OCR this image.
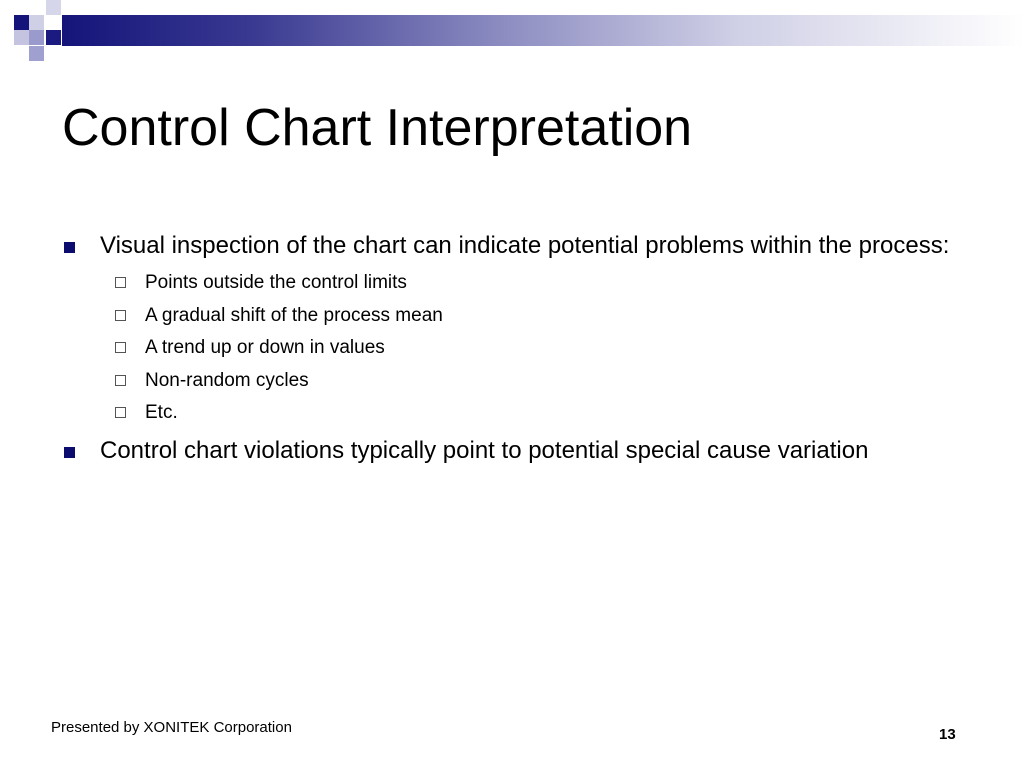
Control Chart Interpretation
Visual inspection of the chart can indicate potential problems within the process:
Points outside the control limits
A gradual shift of the process mean
A trend up or down in values
Non-random cycles
Etc.
Control chart violations typically point to potential special cause variation
Presented by XONITEK Corporation	13
